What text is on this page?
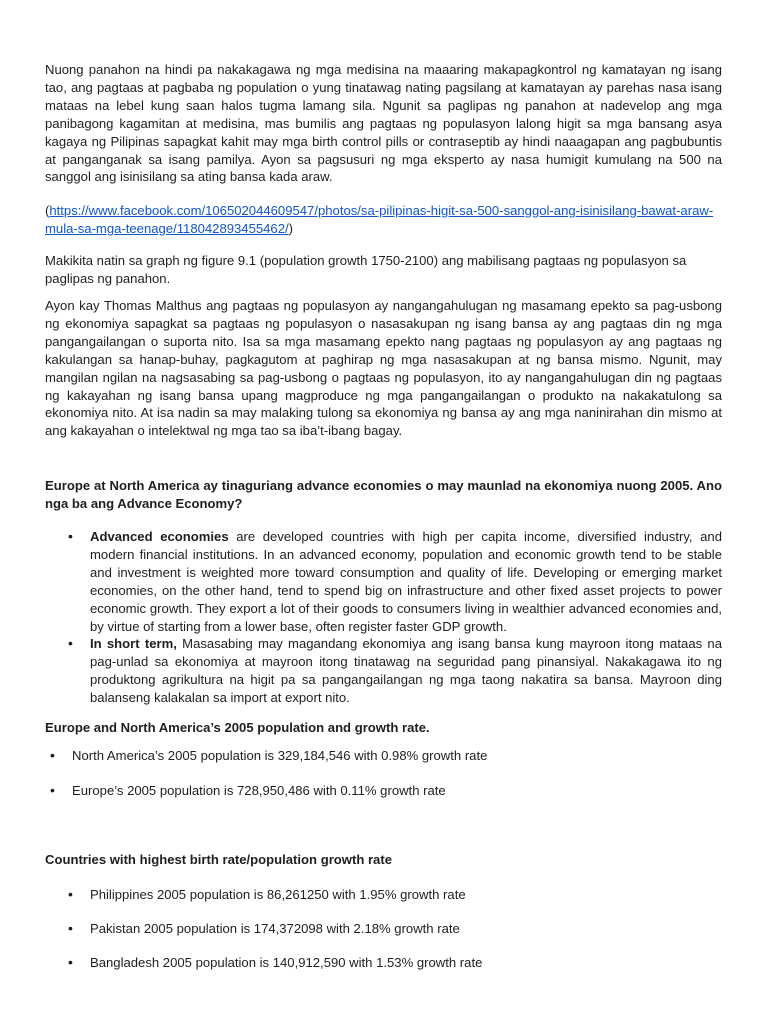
Nuong panahon na hindi pa nakakagawa ng mga medisina na maaaring makapagkontrol ng kamatayan ng isang tao, ang pagtaas at pagbaba ng population o yung tinatawag nating pagsilang at kamatayan ay parehas nasa isang mataas na lebel kung saan halos tugma lamang sila. Ngunit sa paglipas ng panahon at nadevelop ang mga panibagong kagamitan at medisina, mas bumilis ang pagtaas ng populasyon lalong higit sa mga bansang asya kagaya ng Pilipinas sapagkat kahit may mga birth control pills or contraseptib ay hindi naaagapan ang pagbubuntis at panganganak sa isang pamilya. Ayon sa pagsusuri ng mga eksperto ay nasa humigit kumulang na 500 na sanggol ang isinisilang sa ating bansa kada araw.

(https://www.facebook.com/106502044609547/photos/sa-pilipinas-higit-sa-500-sanggol-ang-isinisilang-bawat-araw-mula-sa-mga-teenage/118042893455462/)

Makikita natin sa graph ng figure 9.1 (population growth 1750-2100) ang mabilisang pagtaas ng populasyon sa paglipas ng panahon.

Ayon kay Thomas Malthus ang pagtaas ng populasyon ay nangangahulugan ng masamang epekto sa pag-usbong ng ekonomiya sapagkat sa pagtaas ng populasyon o nasasakupan ng isang bansa ay ang pagtaas din ng mga pangangailangan o suporta nito. Isa sa mga masamang epekto nang pagtaas ng populasyon ay ang pagtaas ng kakulangan sa hanap-buhay, pagkagutom at paghirap ng mga nasasakupan at ng bansa mismo. Ngunit, may mangilan ngilan na nagsasabing sa pag-usbong o pagtaas ng populasyon, ito ay nangangahulugan din ng pagtaas ng kakayahan ng isang bansa upang magproduce ng mga pangangailangan o produkto na nakakatulong sa ekonomiya nito. At isa nadin sa may malaking tulong sa ekonomiya ng bansa ay ang mga naninirahan din mismo at ang kakayahan o intelektwal ng mga tao sa iba’t-ibang bagay.

Europe at North America ay tinaguriang advance economies o may maunlad na ekonomiya nuong 2005. Ano nga ba ang Advance Economy?

• Advanced economies are developed countries with high per capita income, diversified industry, and modern financial institutions. In an advanced economy, population and economic growth tend to be stable and investment is weighted more toward consumption and quality of life. Developing or emerging market economies, on the other hand, tend to spend big on infrastructure and other fixed asset projects to power economic growth. They export a lot of their goods to consumers living in wealthier advanced economies and, by virtue of starting from a lower base, often register faster GDP growth.
• In short term, Masasabing may magandang ekonomiya ang isang bansa kung mayroon itong mataas na pag-unlad sa ekonomiya at mayroon itong tinatawag na seguridad pang pinansiyal. Nakakagawa ito ng produktong agrikultura na higit pa sa pangangailangan ng mga taong nakatira sa bansa. Mayroon ding balanseng kalakalan sa import at export nito.

Europe and North America’s 2005 population and growth rate.

• North America’s 2005 population is 329,184,546 with 0.98% growth rate
• Europe’s 2005 population is 728,950,486 with 0.11% growth rate

Countries with highest birth rate/population growth rate

• Philippines 2005 population is 86,261250 with 1.95% growth rate
• Pakistan 2005 population is 174,372098 with 2.18% growth rate
• Bangladesh 2005 population is 140,912,590 with 1.53% growth rate
